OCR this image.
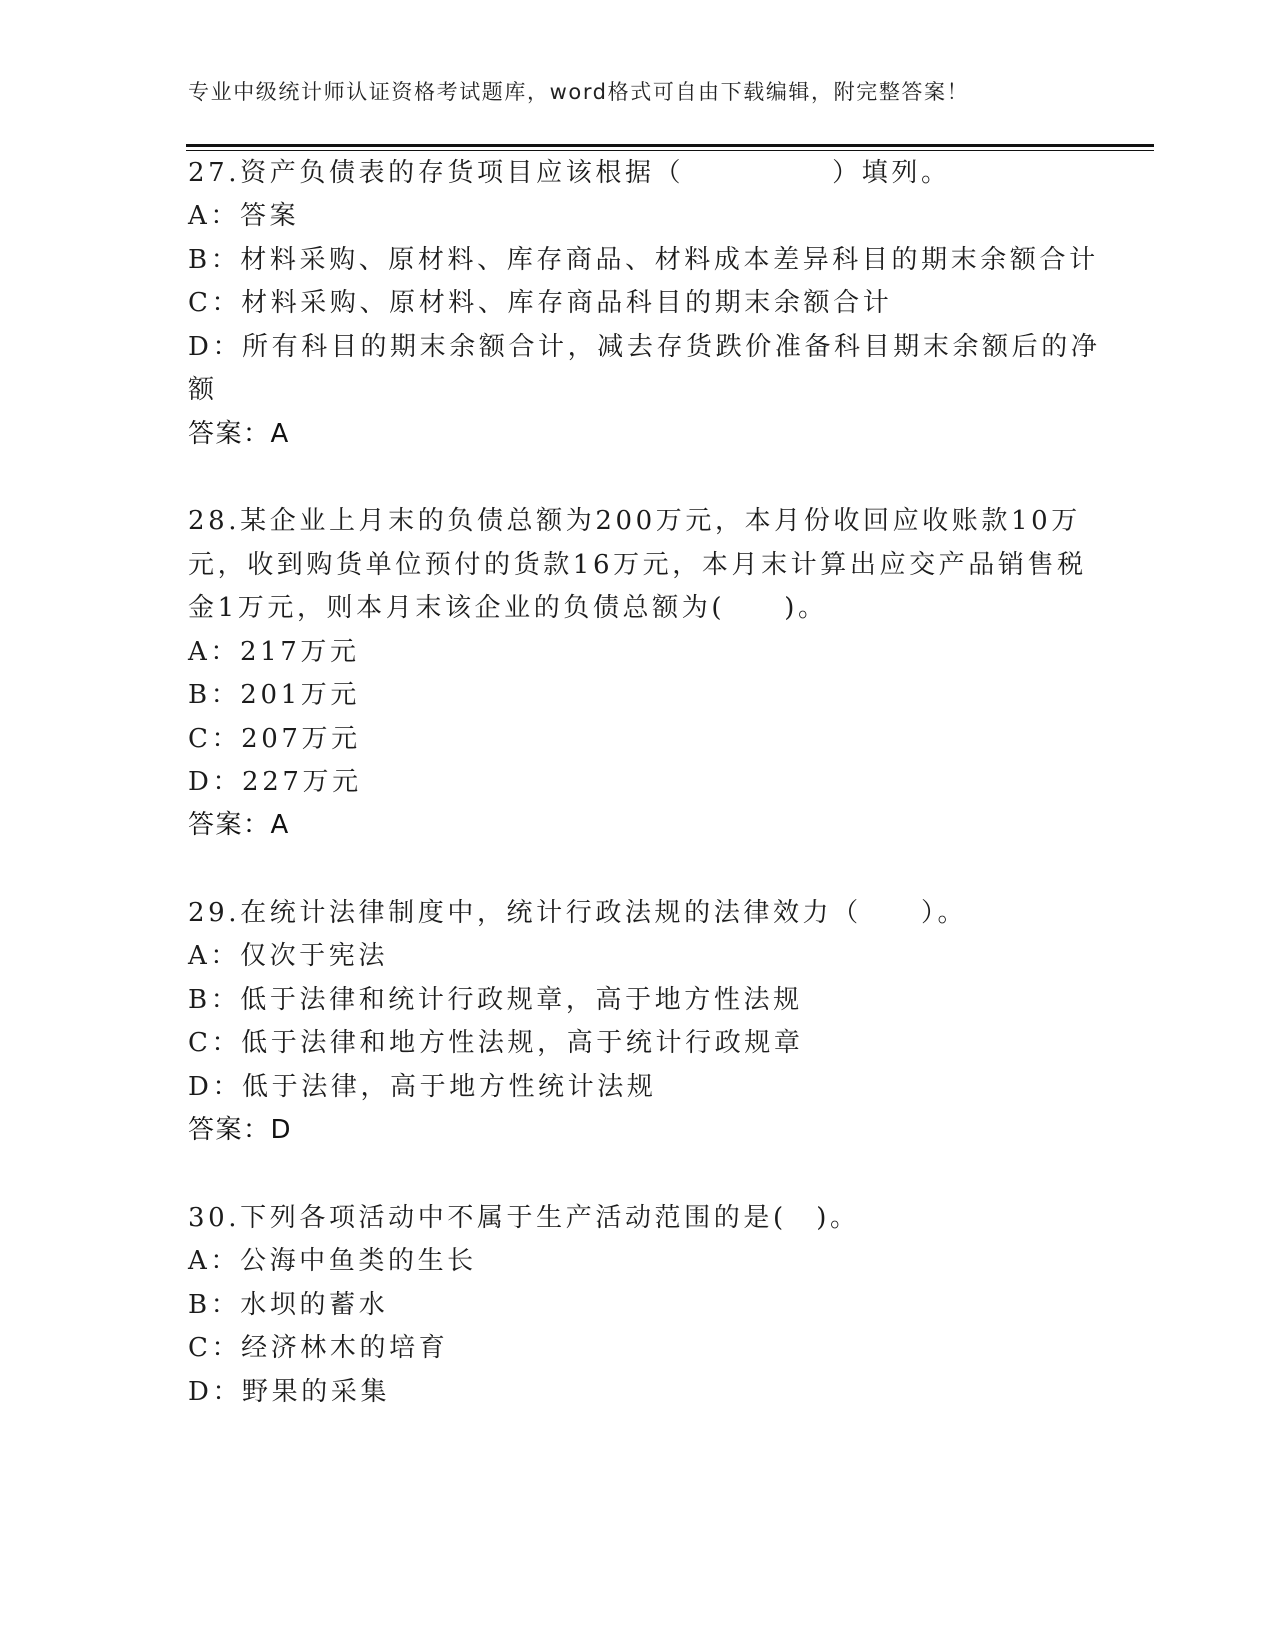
专业中级统计师认证资格考试题库，word格式可自由下载编辑，附完整答案！
27.资产负债表的存货项目应该根据（　　　　　）填列。
A：答案
B：材料采购、原材料、库存商品、材料成本差异科目的期末余额合计
C：材料采购、原材料、库存商品科目的期末余额合计
D：所有科目的期末余额合计，减去存货跌价准备科目期末余额后的净
额
答案：A
28.某企业上月末的负债总额为200万元，本月份收回应收账款10万
元，收到购货单位预付的货款16万元，本月末计算出应交产品销售税
金1万元，则本月末该企业的负债总额为(　　)。
A：217万元
B：201万元
C：207万元
D：227万元
答案：A
29.在统计法律制度中，统计行政法规的法律效力（　　）。
A：仅次于宪法
B：低于法律和统计行政规章，高于地方性法规
C：低于法律和地方性法规，高于统计行政规章
D：低于法律，高于地方性统计法规
答案：D
30.下列各项活动中不属于生产活动范围的是(　)。
A：公海中鱼类的生长
B：水坝的蓄水
C：经济林木的培育
D：野果的采集
